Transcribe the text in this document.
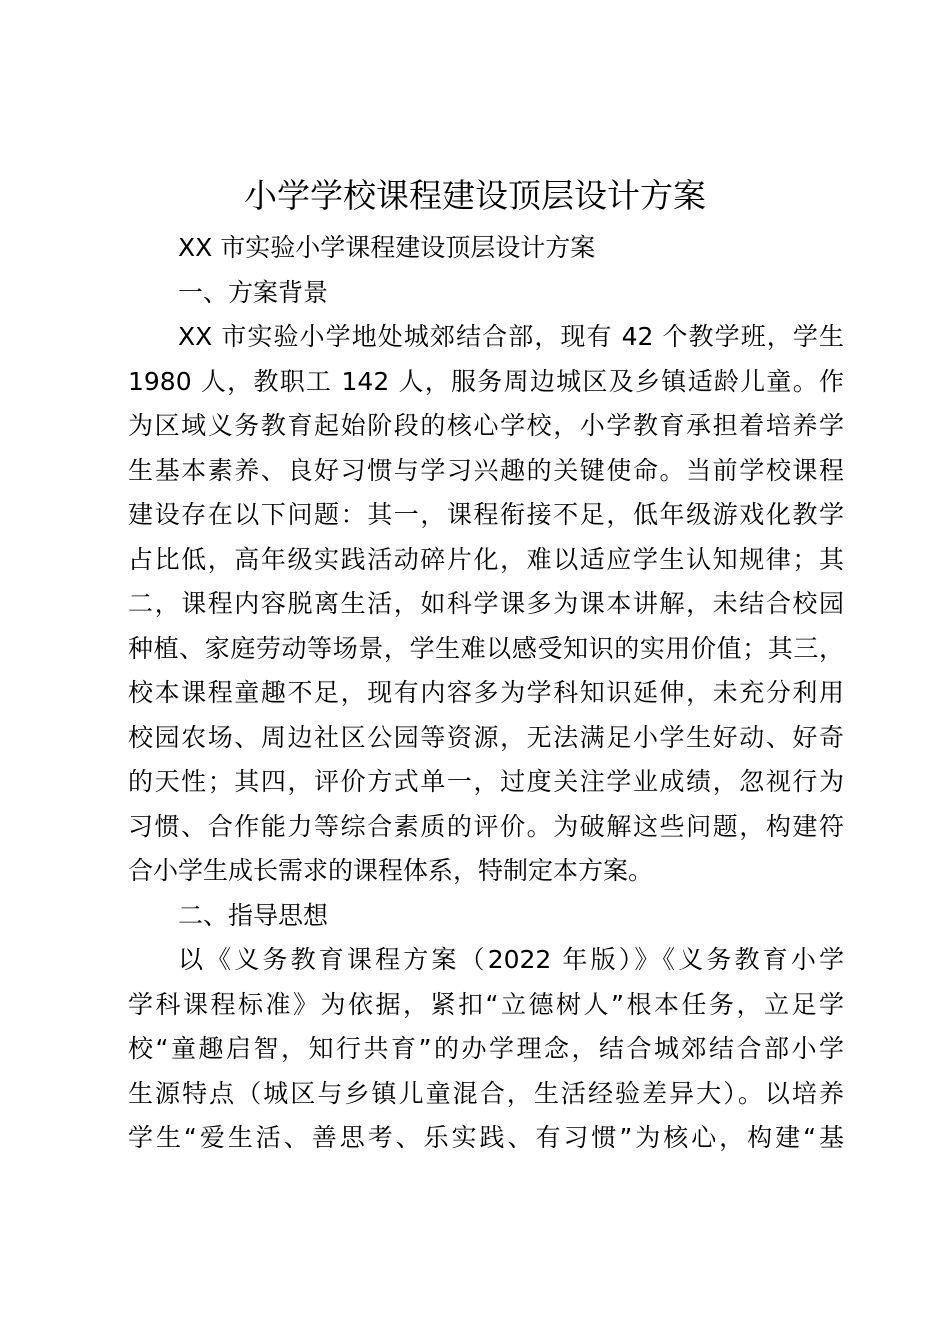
小学学校课程建设顶层设计方案
XX 市实验小学课程建设顶层设计方案
一、方案背景
XX 市实验小学地处城郊结合部，现有 42 个教学班，学生
1980 人，教职工 142 人，服务周边城区及乡镇适龄儿童。作
为区域义务教育起始阶段的核心学校，小学教育承担着培养学
生基本素养、良好习惯与学习兴趣的关键使命。当前学校课程
建设存在以下问题：其一，课程衔接不足，低年级游戏化教学
占比低，高年级实践活动碎片化，难以适应学生认知规律；其
二，课程内容脱离生活，如科学课多为课本讲解，未结合校园
种植、家庭劳动等场景，学生难以感受知识的实用价值；其三，
校本课程童趣不足，现有内容多为学科知识延伸，未充分利用
校园农场、周边社区公园等资源，无法满足小学生好动、好奇
的天性；其四，评价方式单一，过度关注学业成绩，忽视行为
习惯、合作能力等综合素质的评价。为破解这些问题，构建符
合小学生成长需求的课程体系，特制定本方案。
二、指导思想
以《义务教育课程方案（2022 年版）》《义务教育小学
学科课程标准》为依据，紧扣“立德树人”根本任务，立足学
校“童趣启智，知行共育”的办学理念，结合城郊结合部小学
生源特点（城区与乡镇儿童混合，生活经验差异大）。以培养
学生“爱生活、善思考、乐实践、有习惯”为核心，构建“基
